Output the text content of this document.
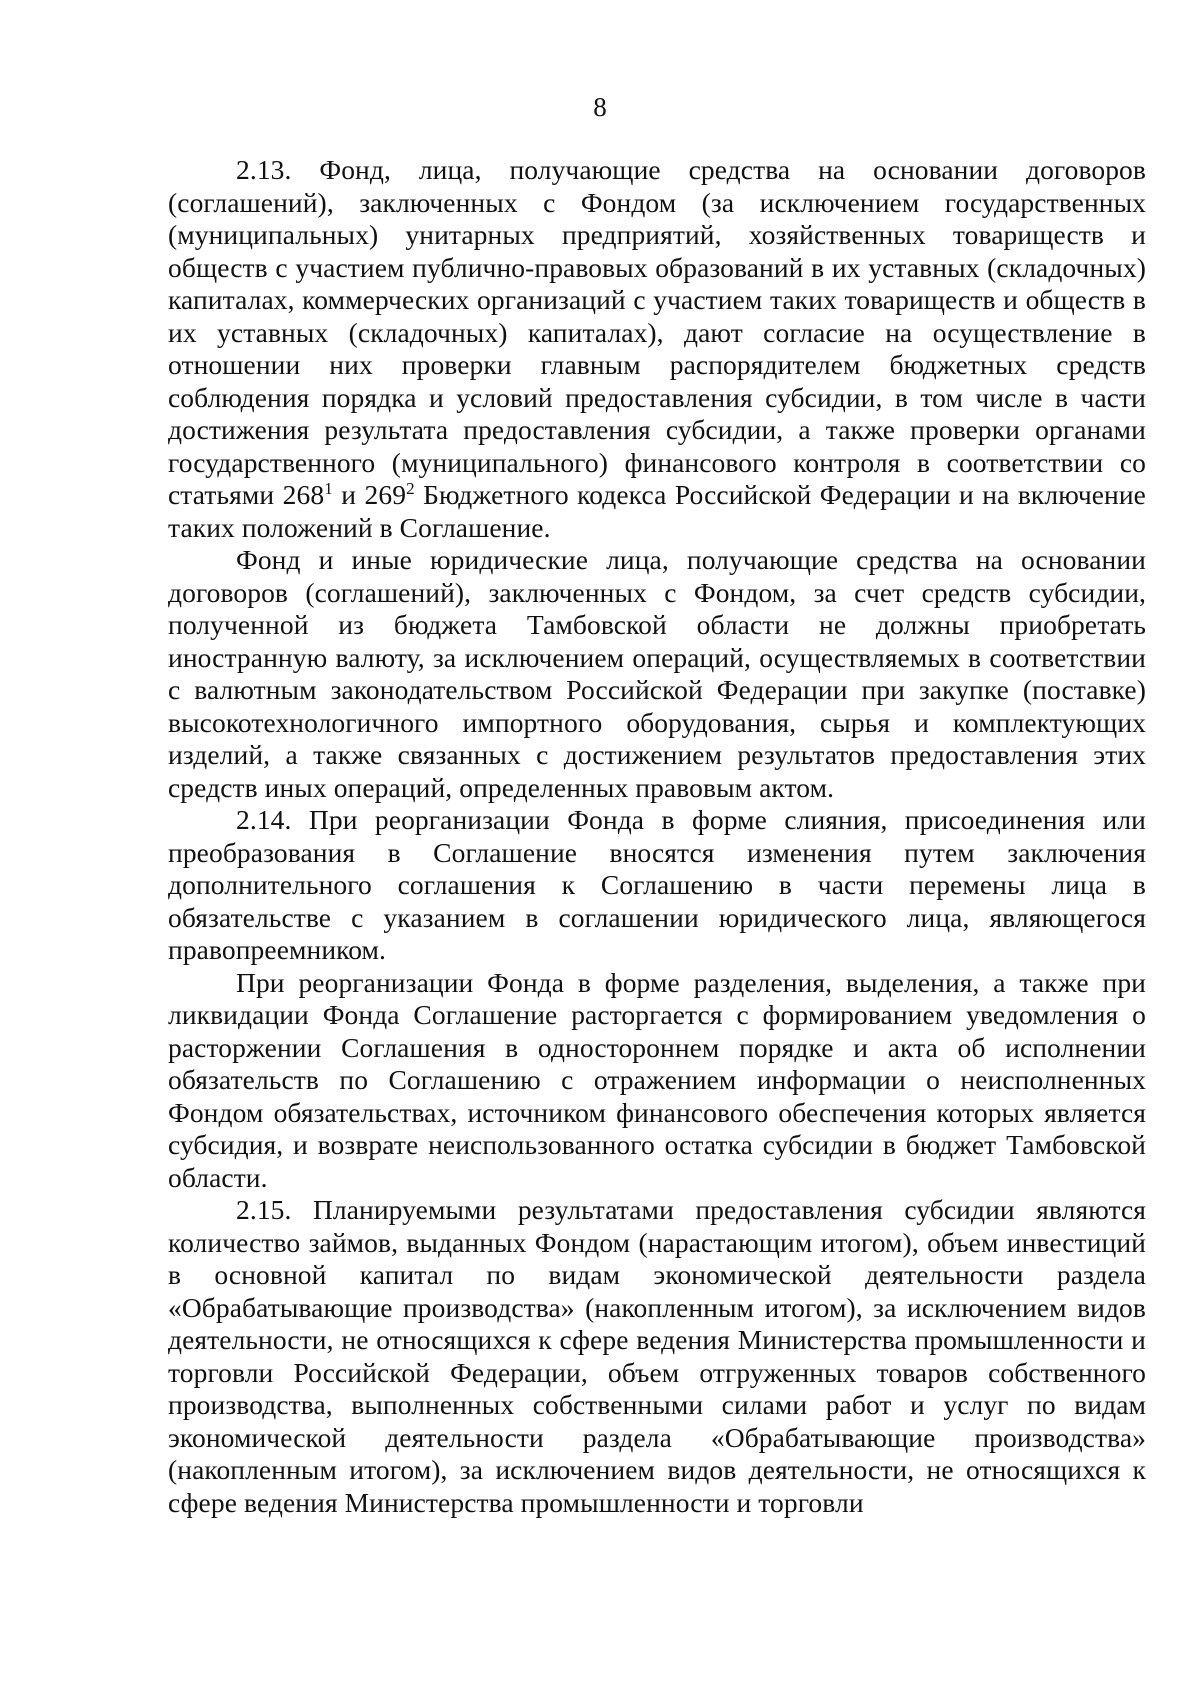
8

2.13. Фонд, лица, получающие средства на основании договоров (соглашений), заключенных с Фондом (за исключением государственных (муниципальных) унитарных предприятий, хозяйственных товариществ и обществ с участием публично-правовых образований в их уставных (складочных) капиталах, коммерческих организаций с участием таких товариществ и обществ в их уставных (складочных) капиталах), дают согласие на осуществление в отношении них проверки главным распорядителем бюджетных средств соблюдения порядка и условий предоставления субсидии, в том числе в части достижения результата предоставления субсидии, а также проверки органами государственного (муниципального) финансового контроля в соответствии со статьями $268^1$ и $269^2$ Бюджетного кодекса Российской Федерации и на включение таких положений в Соглашение.

Фонд и иные юридические лица, получающие средства на основании договоров (соглашений), заключенных с Фондом, за счет средств субсидии, полученной из бюджета Тамбовской области не должны приобретать иностранную валюту, за исключением операций, осуществляемых в соответствии с валютным законодательством Российской Федерации при закупке (поставке) высокотехнологичного импортного оборудования, сырья и комплектующих изделий, а также связанных с достижением результатов предоставления этих средств иных операций, определенных правовым актом.

2.14. При реорганизации Фонда в форме слияния, присоединения или преобразования в Соглашение вносятся изменения путем заключения дополнительного соглашения к Соглашению в части перемены лица в обязательстве с указанием в соглашении юридического лица, являющегося правопреемником.

При реорганизации Фонда в форме разделения, выделения, а также при ликвидации Фонда Соглашение расторгается с формированием уведомления о расторжении Соглашения в одностороннем порядке и акта об исполнении обязательств по Соглашению с отражением информации о неисполненных Фондом обязательствах, источником финансового обеспечения которых является субсидия, и возврате неиспользованного остатка субсидии в бюджет Тамбовской области.

2.15. Планируемыми результатами предоставления субсидии являются количество займов, выданных Фондом (нарастающим итогом), объем инвестиций в основной капитал по видам экономической деятельности раздела «Обрабатывающие производства» (накопленным итогом), за исключением видов деятельности, не относящихся к сфере ведения Министерства промышленности и торговли Российской Федерации, объем отгруженных товаров собственного производства, выполненных собственными силами работ и услуг по видам экономической деятельности раздела «Обрабатывающие производства» (накопленным итогом), за исключением видов деятельности, не относящихся к сфере ведения Министерства промышленности и торговли
